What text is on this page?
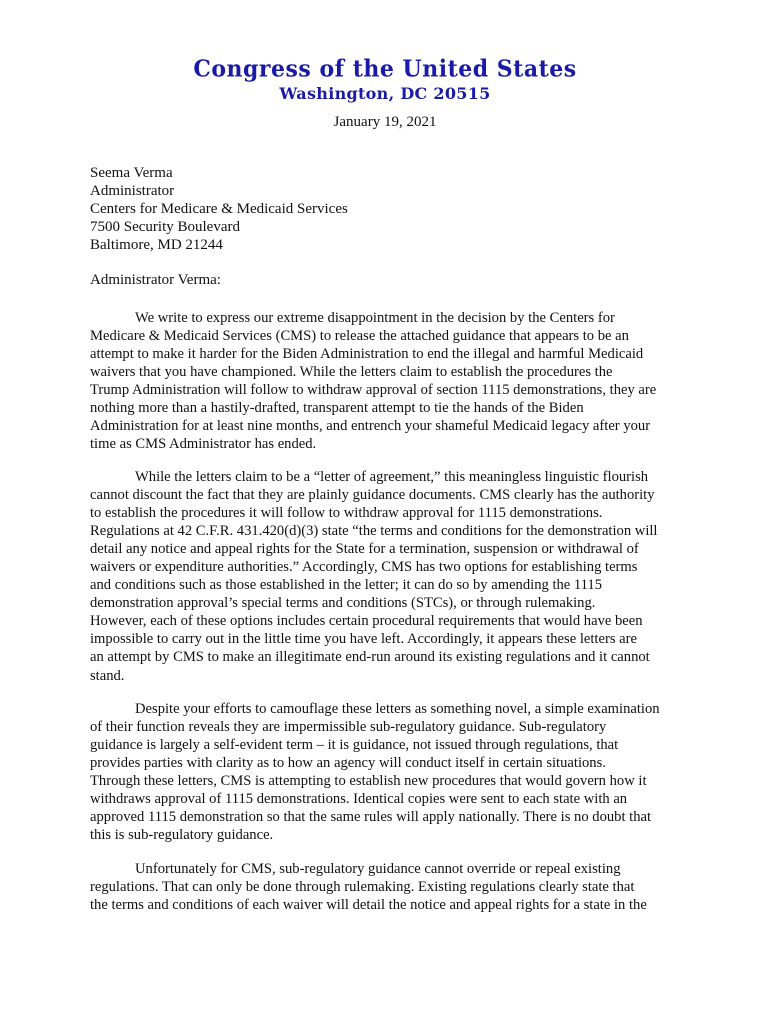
Congress of the United States
Washington, DC 20515
January 19, 2021
Seema Verma
Administrator
Centers for Medicare & Medicaid Services
7500 Security Boulevard
Baltimore, MD 21244
Administrator Verma:
We write to express our extreme disappointment in the decision by the Centers for
Medicare & Medicaid Services (CMS) to release the attached guidance that appears to be an
attempt to make it harder for the Biden Administration to end the illegal and harmful Medicaid
waivers that you have championed. While the letters claim to establish the procedures the
Trump Administration will follow to withdraw approval of section 1115 demonstrations, they are
nothing more than a hastily-drafted, transparent attempt to tie the hands of the Biden
Administration for at least nine months, and entrench your shameful Medicaid legacy after your
time as CMS Administrator has ended.
While the letters claim to be a “letter of agreement,” this meaningless linguistic flourish
cannot discount the fact that they are plainly guidance documents. CMS clearly has the authority
to establish the procedures it will follow to withdraw approval for 1115 demonstrations.
Regulations at 42 C.F.R. 431.420(d)(3) state “the terms and conditions for the demonstration will
detail any notice and appeal rights for the State for a termination, suspension or withdrawal of
waivers or expenditure authorities.” Accordingly, CMS has two options for establishing terms
and conditions such as those established in the letter; it can do so by amending the 1115
demonstration approval’s special terms and conditions (STCs), or through rulemaking.
However, each of these options includes certain procedural requirements that would have been
impossible to carry out in the little time you have left. Accordingly, it appears these letters are
an attempt by CMS to make an illegitimate end-run around its existing regulations and it cannot
stand.
Despite your efforts to camouflage these letters as something novel, a simple examination
of their function reveals they are impermissible sub-regulatory guidance. Sub-regulatory
guidance is largely a self-evident term – it is guidance, not issued through regulations, that
provides parties with clarity as to how an agency will conduct itself in certain situations.
Through these letters, CMS is attempting to establish new procedures that would govern how it
withdraws approval of 1115 demonstrations. Identical copies were sent to each state with an
approved 1115 demonstration so that the same rules will apply nationally. There is no doubt that
this is sub-regulatory guidance.
Unfortunately for CMS, sub-regulatory guidance cannot override or repeal existing
regulations. That can only be done through rulemaking. Existing regulations clearly state that
the terms and conditions of each waiver will detail the notice and appeal rights for a state in the
